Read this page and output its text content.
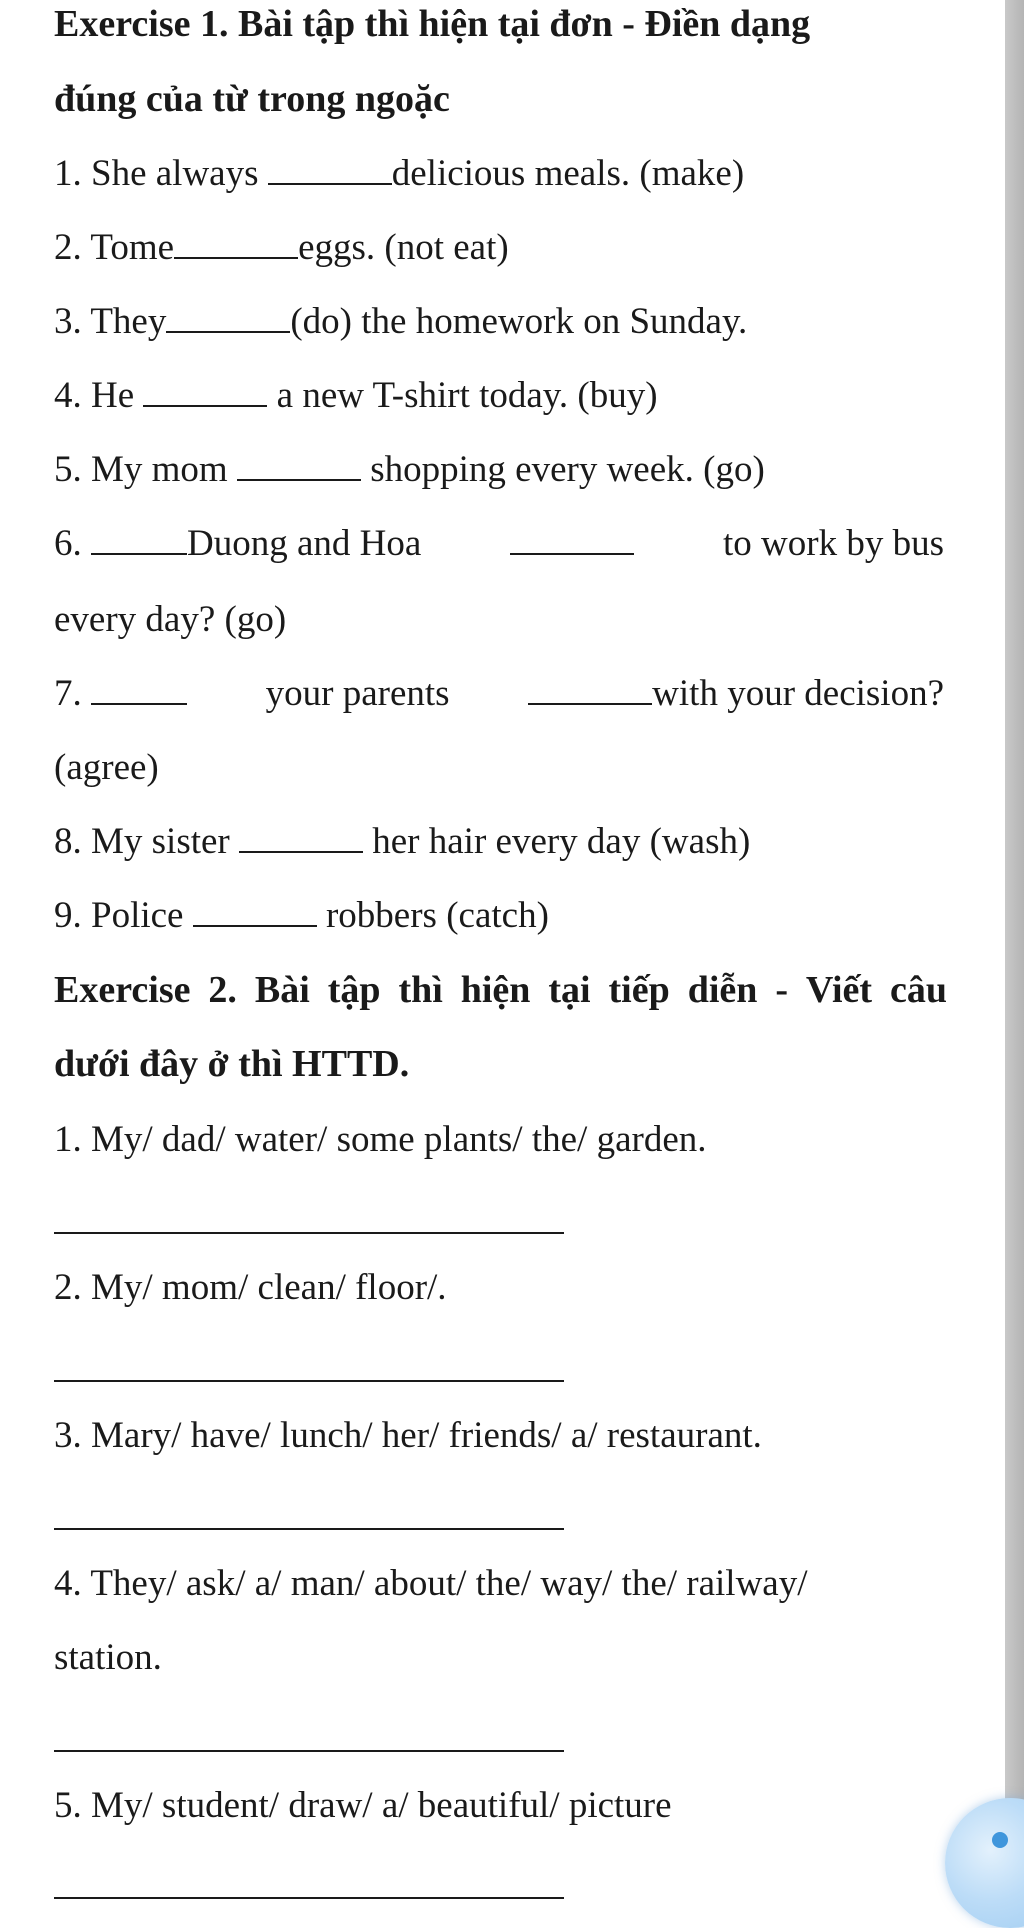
Exercise 1. Bài tập thì hiện tại đơn - Điền dạng
đúng của từ trong ngoặc
1. She always	delicious meals. (make)
2. Tome	eggs. (not eat)
3. They	(do) the homework on Sunday.
4. He	a new T-shirt today. (buy)
5. My mom	shopping every week. (go)
6.	Duong and Hoa	to work by bus
every day? (go)
7.	your parents	with your decision?
(agree)
8. My sister	her hair every day (wash)
9. Police	robbers (catch)
Exercise 2. Bài tập thì hiện tại tiếp diễn - Viết câu
dưới đây ở thì HTTD.
1. My/ dad/ water/ some plants/ the/ garden.
2. My/ mom/ clean/ floor/.
3. Mary/ have/ lunch/ her/ friends/ a/ restaurant.
4. They/ ask/ a/ man/ about/ the/ way/ the/ railway/
station.
5. My/ student/ draw/ a/ beautiful/ picture
